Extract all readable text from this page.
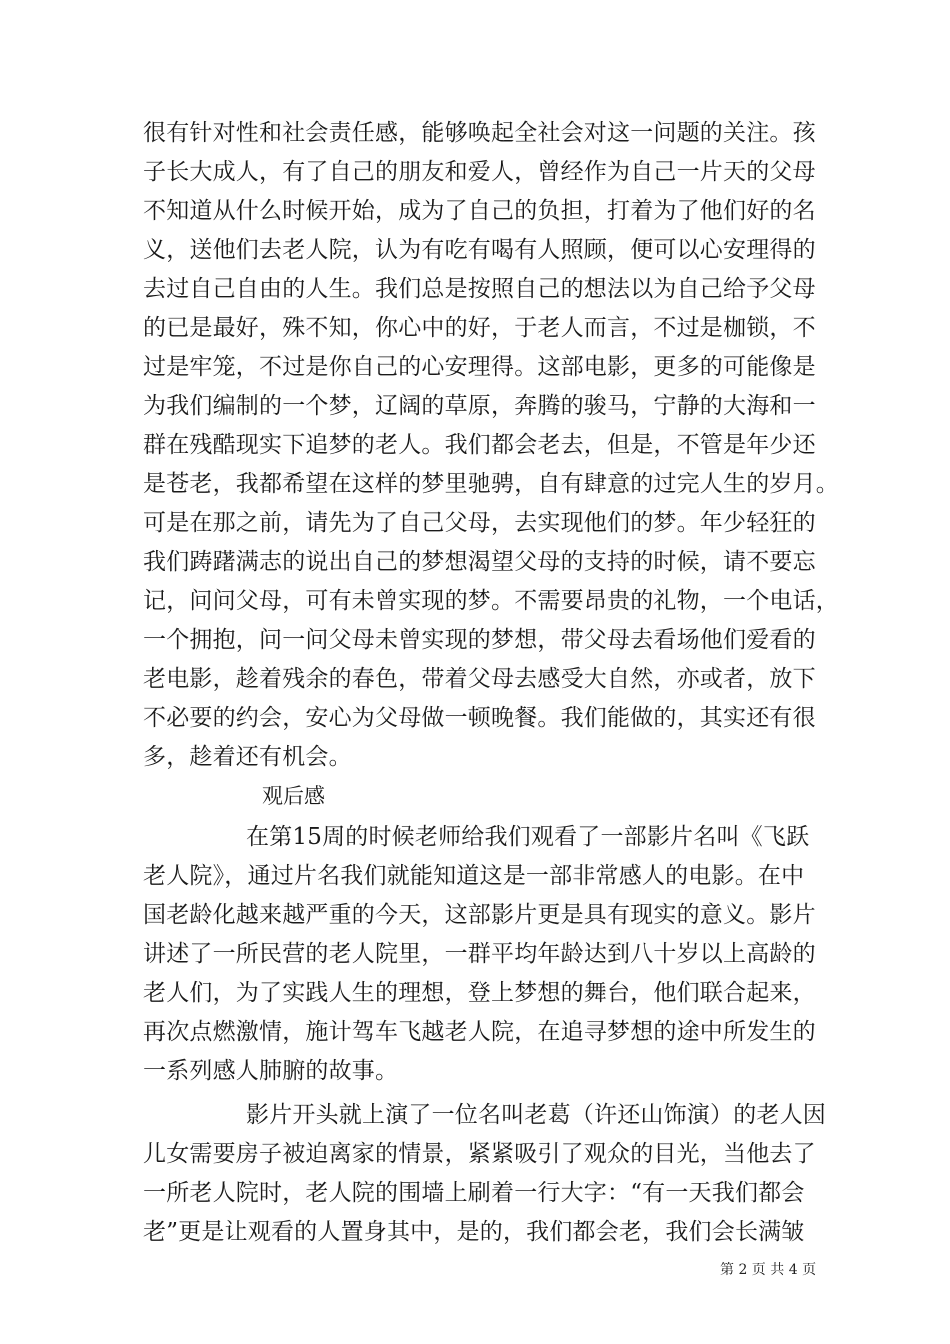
很有针对性和社会责任感，能够唤起全社会对这一问题的关注。孩
子长大成人，有了自己的朋友和爱人，曾经作为自己一片天的父母
不知道从什么时候开始，成为了自己的负担，打着为了他们好的名
义，送他们去老人院，认为有吃有喝有人照顾，便可以心安理得的
去过自己自由的人生。我们总是按照自己的想法以为自己给予父母
的已是最好，殊不知，你心中的好，于老人而言，不过是枷锁，不
过是牢笼，不过是你自己的心安理得。这部电影，更多的可能像是
为我们编制的一个梦，辽阔的草原，奔腾的骏马，宁静的大海和一
群在残酷现实下追梦的老人。我们都会老去，但是，不管是年少还
是苍老，我都希望在这样的梦里驰骋，自有肆意的过完人生的岁月。
可是在那之前，请先为了自己父母，去实现他们的梦。年少轻狂的
我们踌躇满志的说出自己的梦想渴望父母的支持的时候，请不要忘
记，问问父母，可有未曾实现的梦。不需要昂贵的礼物，一个电话，
一个拥抱，问一问父母未曾实现的梦想，带父母去看场他们爱看的
老电影，趁着残余的春色，带着父母去感受大自然，亦或者，放下
不必要的约会，安心为父母做一顿晚餐。我们能做的，其实还有很
多，趁着还有机会。
观后感
在第15周的时候老师给我们观看了一部影片名叫《飞跃
老人院》，通过片名我们就能知道这是一部非常感人的电影。在中
国老龄化越来越严重的今天，这部影片更是具有现实的意义。影片
讲述了一所民营的老人院里，一群平均年龄达到八十岁以上高龄的
老人们，为了实践人生的理想，登上梦想的舞台，他们联合起来，
再次点燃激情，施计驾车飞越老人院，在追寻梦想的途中所发生的
一系列感人肺腑的故事。
影片开头就上演了一位名叫老葛（许还山饰演）的老人因
儿女需要房子被迫离家的情景，紧紧吸引了观众的目光，当他去了
一所老人院时，老人院的围墙上刷着一行大字：“有一天我们都会
老”更是让观看的人置身其中，是的，我们都会老，我们会长满皱
第 2 页 共 4 页
